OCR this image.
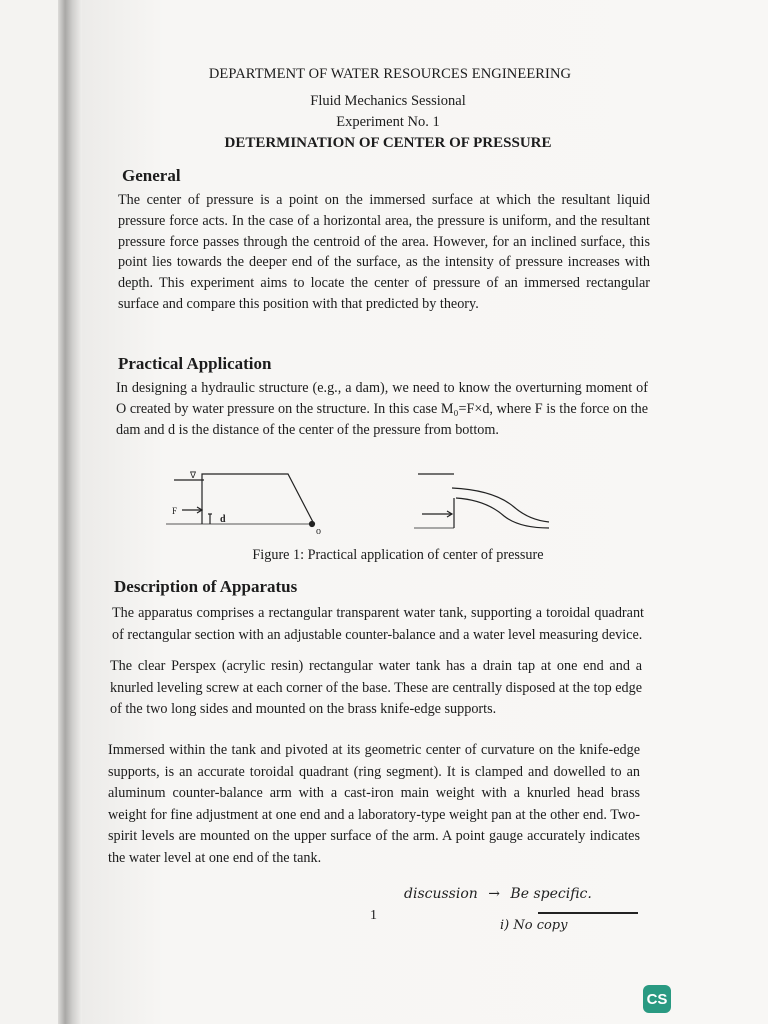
DEPARTMENT OF WATER RESOURCES ENGINEERING
Fluid Mechanics Sessional
Experiment No. 1
DETERMINATION OF CENTER OF PRESSURE
General
The center of pressure is a point on the immersed surface at which the resultant liquid pressure force acts. In the case of a horizontal area, the pressure is uniform, and the resultant pressure force passes through the centroid of the area. However, for an inclined surface, this point lies towards the deeper end of the surface, as the intensity of pressure increases with depth. This experiment aims to locate the center of pressure of an immersed rectangular surface and compare this position with that predicted by theory.
Practical Application
In designing a hydraulic structure (e.g., a dam), we need to know the overturning moment of O created by water pressure on the structure. In this case M₀=F×d, where F is the force on the dam and d is the distance of the center of the pressure from bottom.
∇
F
d
o
Figure 1: Practical application of center of pressure
Description of Apparatus
The apparatus comprises a rectangular transparent water tank, supporting a toroidal quadrant of rectangular section with an adjustable counter-balance and a water level measuring device.
The clear Perspex (acrylic resin) rectangular water tank has a drain tap at one end and a knurled leveling screw at each corner of the base. These are centrally disposed at the top edge of the two long sides and mounted on the brass knife-edge supports.
Immersed within the tank and pivoted at its geometric center of curvature on the knife-edge supports, is an accurate toroidal quadrant (ring segment). It is clamped and dowelled to an aluminum counter-balance arm with a cast-iron main weight with a knurled head brass weight for fine adjustment at one end and a laboratory-type weight pan at the other end. Two-spirit levels are mounted on the upper surface of the arm. A point gauge accurately indicates the water level at one end of the tank.
1
discussion → Be specific.
i) No copy
CS
